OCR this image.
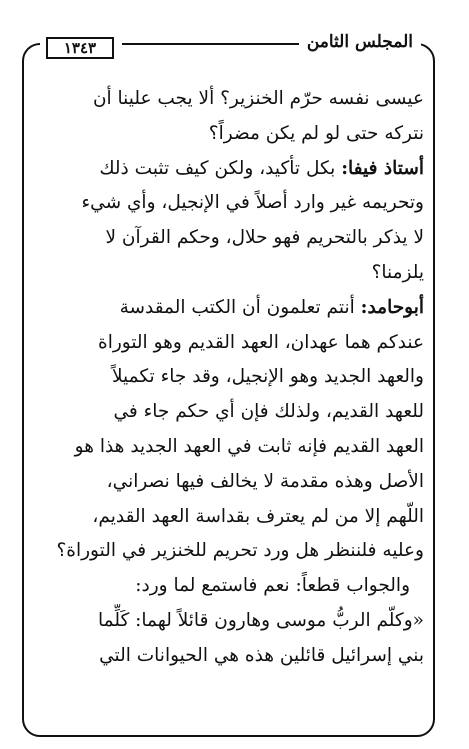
المجلس الثامن
١٣٤٣
عيسى نفسه حرّم الخنزير؟ ألا يجب علينا أن
نتركه حتى لو لم يكن مضراً؟
أستاذ فيفا: بكل تأكيد، ولكن كيف تثبت ذلك
وتحريمه غير وارد أصلاً في الإنجيل، وأي شيء
لا يذكر بالتحريم فهو حلال، وحكم القرآن لا
يلزمنا؟
أبوحامد: أنتم تعلمون أن الكتب المقدسة
عندكم هما عهدان، العهد القديم وهو التوراة
والعهد الجديد وهو الإنجيل، وقد جاء تكميلاً
للعهد القديم، ولذلك فإن أي حكم جاء في
العهد القديم فإنه ثابت في العهد الجديد هذا هو
الأصل وهذه مقدمة لا يخالف فيها نصراني،
اللّهم إلا من لم يعترف بقداسة العهد القديم،
وعليه فلننظر هل ورد تحريم للخنزير في التوراة؟
والجواب قطعاً: نعم فاستمع لما ورد:
«وكلّم الربُّ موسى وهارون قائلاً لهما: كَلِّما
بني إسرائيل قائلين هذه هي الحيوانات التي
